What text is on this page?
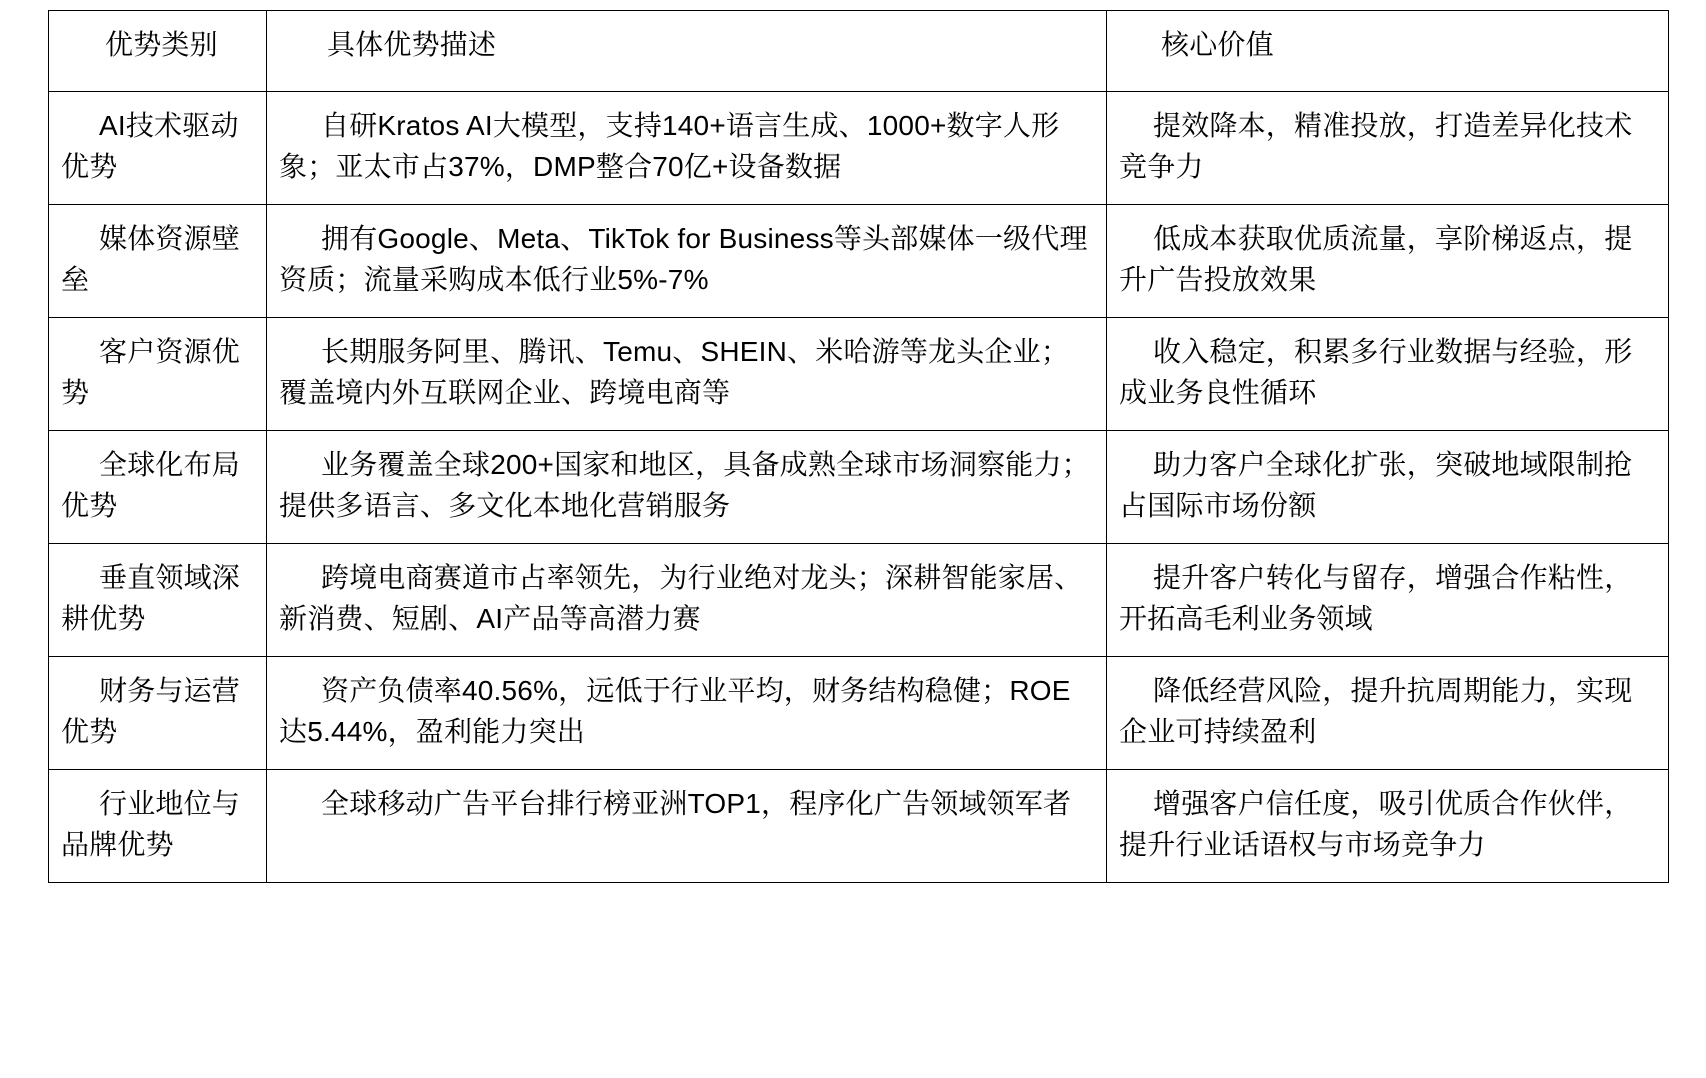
优势类别	具体优势描述	核心价值
AI技术驱动优势	自研Kratos AI大模型，支持140+语言生成、1000+数字人形象；亚太市占37%，DMP整合70亿+设备数据	提效降本，精准投放，打造差异化技术竞争力
媒体资源壁垒	拥有Google、Meta、TikTok for Business等头部媒体一级代理资质；流量采购成本低行业5%-7%	低成本获取优质流量，享阶梯返点，提升广告投放效果
客户资源优势	长期服务阿里、腾讯、Temu、SHEIN、米哈游等龙头企业；覆盖境内外互联网企业、跨境电商等	收入稳定，积累多行业数据与经验，形成业务良性循环
全球化布局优势	业务覆盖全球200+国家和地区，具备成熟全球市场洞察能力；提供多语言、多文化本地化营销服务	助力客户全球化扩张，突破地域限制抢占国际市场份额
垂直领域深耕优势	跨境电商赛道市占率领先，为行业绝对龙头；深耕智能家居、新消费、短剧、AI产品等高潜力赛	提升客户转化与留存，增强合作粘性，开拓高毛利业务领域
财务与运营优势	资产负债率40.56%，远低于行业平均，财务结构稳健；ROE达5.44%，盈利能力突出	降低经营风险，提升抗周期能力，实现企业可持续盈利
行业地位与品牌优势	全球移动广告平台排行榜亚洲TOP1，程序化广告领域领军者	增强客户信任度，吸引优质合作伙伴，提升行业话语权与市场竞争力
